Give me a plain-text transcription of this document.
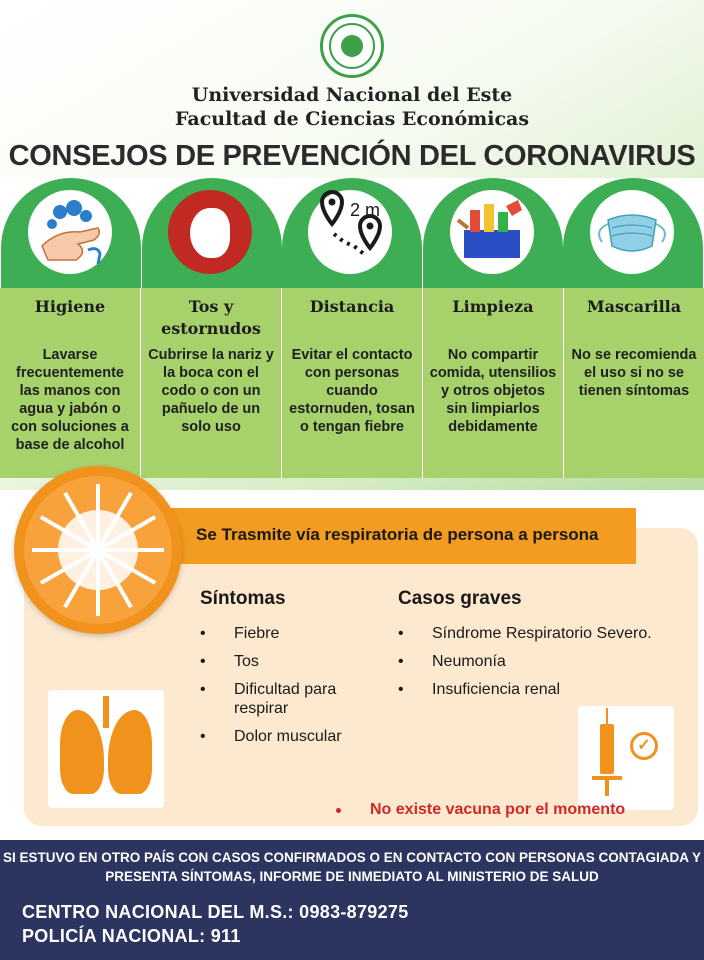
Universidad Nacional del Este
Facultad de Ciencias Económicas
CONSEJOS DE PREVENCIÓN DEL CORONAVIRUS
2 m
Higiene
Lavarse frecuentemente las manos con agua y jabón o con soluciones a base de alcohol
Tos y estornudos
Cubrirse la nariz y la boca con el codo o con un pañuelo de un solo uso
Distancia
Evitar el contacto con personas cuando estornuden, tosan o tengan fiebre
Limpieza
No compartir comida, utensilios y otros objetos sin limpiarlos debidamente
Mascarilla
No se recomienda el uso si no se tienen síntomas
Se Trasmite vía respiratoria de persona a persona
Síntomas
• Fiebre
• Tos
• Dificultad para respirar
• Dolor muscular
Casos graves
• Síndrome Respiratorio Severo.
• Neumonía
• Insuficiencia renal
✓
No existe vacuna por el momento
SI ESTUVO EN OTRO PAÍS CON CASOS CONFIRMADOS O EN CONTACTO CON PERSONAS CONTAGIADA Y PRESENTA SÍNTOMAS, INFORME DE INMEDIATO AL MINISTERIO DE SALUD
CENTRO NACIONAL DEL M.S.: 0983-879275
POLICÍA NACIONAL: 911
